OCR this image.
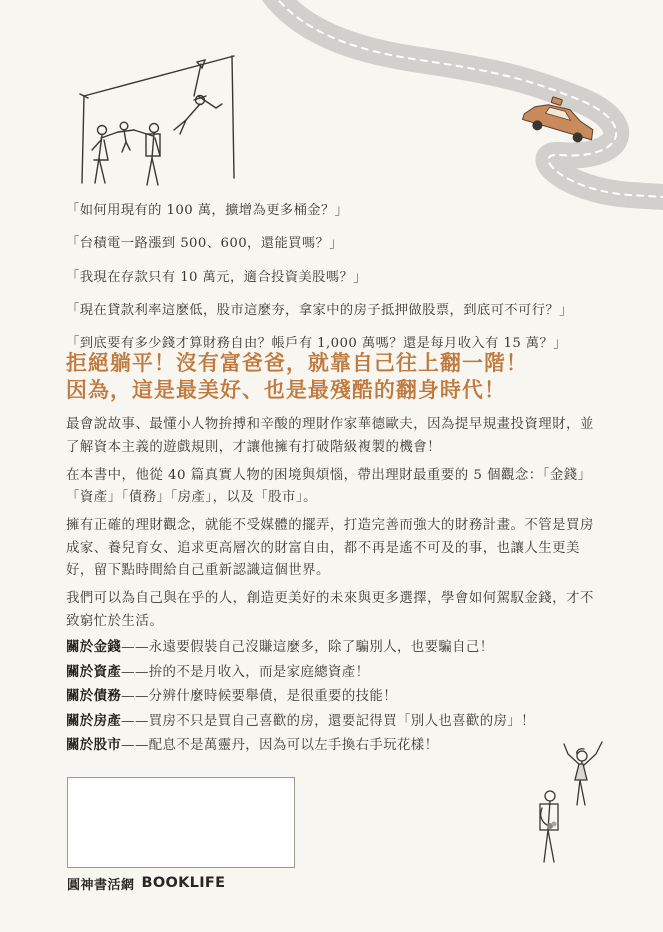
「如何用現有的 100 萬，擴增為更多桶金？」

「台積電一路漲到 500、600，還能買嗎？」

「我現在存款只有 10 萬元，適合投資美股嗎？」

「現在貸款利率這麼低，股市這麼夯，拿家中的房子抵押做股票，到底可不可行？」

「到底要有多少錢才算財務自由？帳戶有 1,000 萬嗎？還是每月收入有 15 萬？」

拒絕躺平！沒有富爸爸，就靠自己往上翻一階！
因為，這是最美好、也是最殘酷的翻身時代！

最會說故事、最懂小人物拚搏和辛酸的理財作家華德歐夫，因為提早規畫投資理財，並了解資本主義的遊戲規則，才讓他擁有打破階級複製的機會！

在本書中，他從 40 篇真實人物的困境與煩惱，帶出理財最重要的 5 個觀念：「金錢」「資產」「債務」「房產」，以及「股市」。

擁有正確的理財觀念，就能不受媒體的擺弄，打造完善而強大的財務計畫。不管是買房成家、養兒育女、追求更高層次的財富自由，都不再是遙不可及的事，也讓人生更美好，留下點時間給自己重新認識這個世界。

我們可以為自己與在乎的人，創造更美好的未來與更多選擇，學會如何駕馭金錢，才不致窮忙於生活。

關於金錢——永遠要假裝自己沒賺這麼多，除了騙別人，也要騙自己！
關於資產——拚的不是月收入，而是家庭總資產！
關於債務——分辨什麼時候要舉債，是很重要的技能！
關於房產——買房不只是買自己喜歡的房，還要記得買「別人也喜歡的房」！
關於股市——配息不是萬靈丹，因為可以左手換右手玩花樣！
圓神書活網 BOOKLIFE
